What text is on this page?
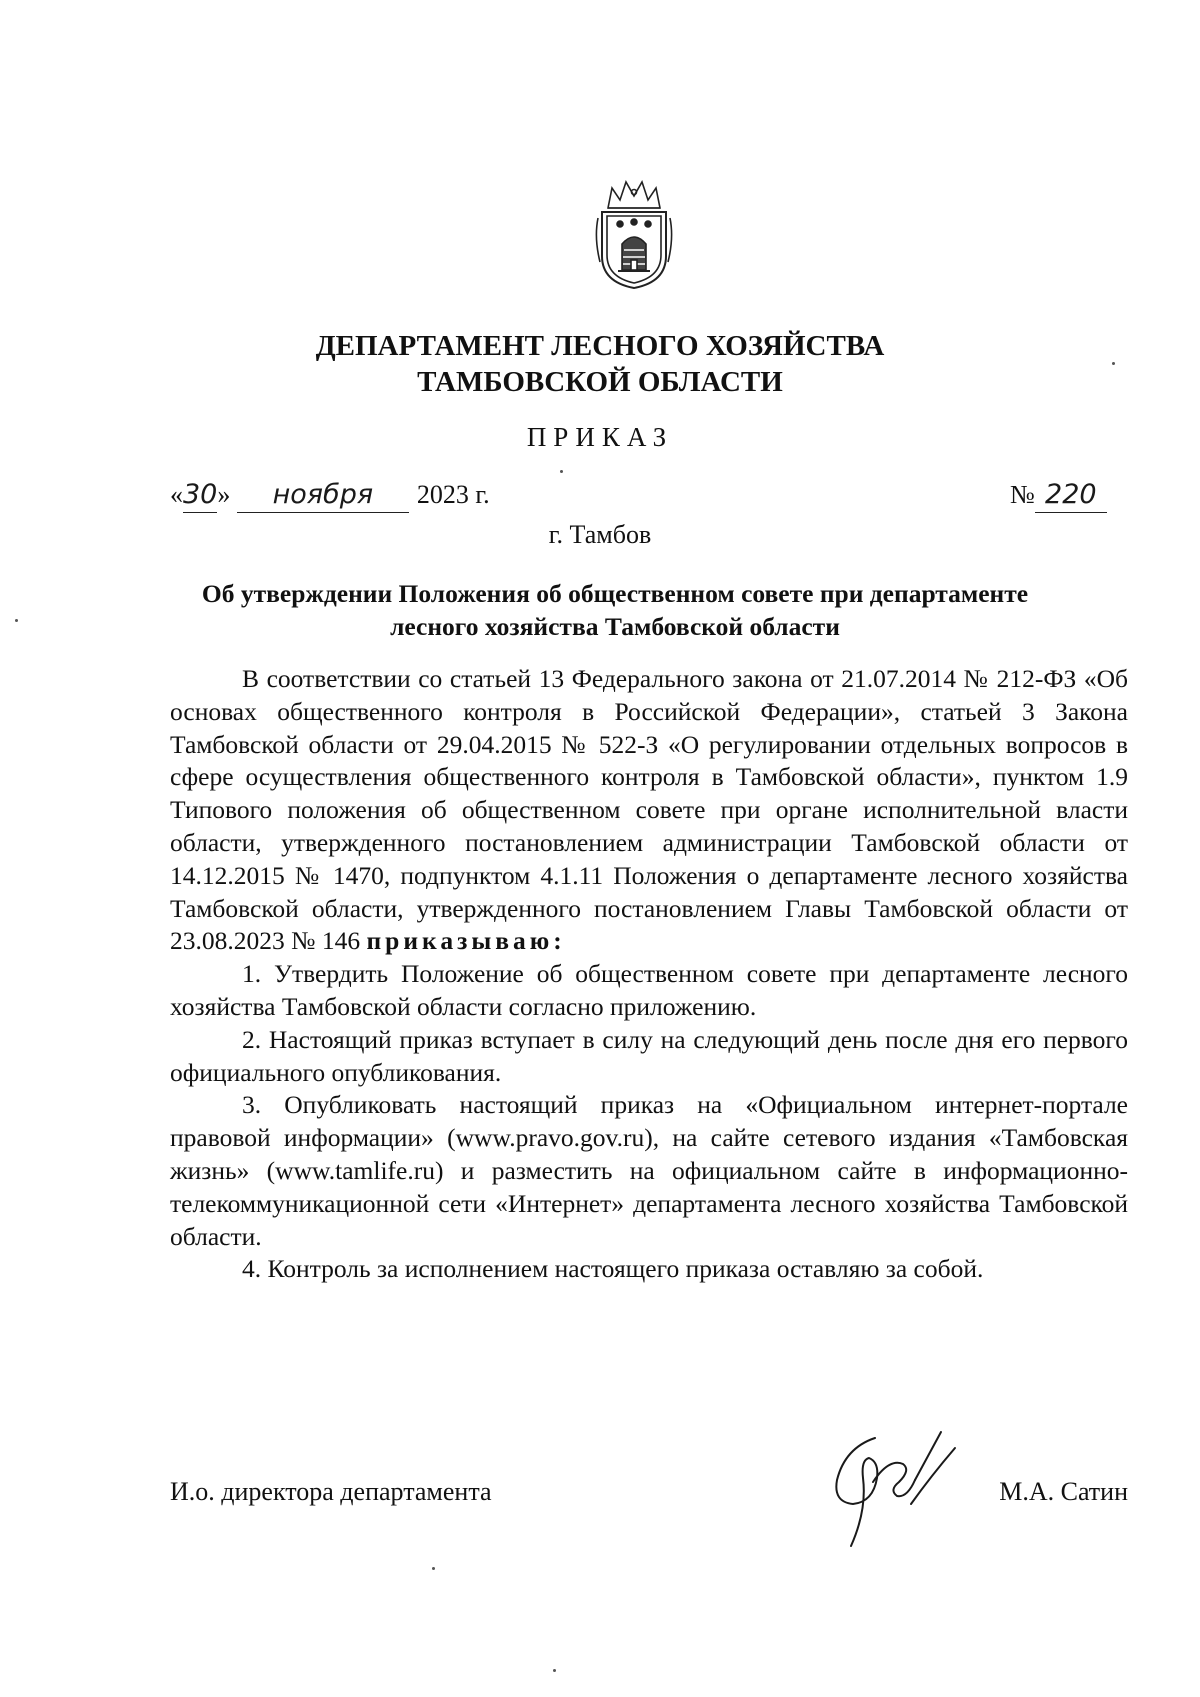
ДЕПАРТАМЕНТ ЛЕСНОГО ХОЗЯЙСТВА
ТАМБОВСКОЙ ОБЛАСТИ
ПРИКАЗ
«30» ноября 2023 г.	№ 220
г. Тамбов
Об утверждении Положения об общественном совете при департаменте
лесного хозяйства Тамбовской области

В соответствии со статьей 13 Федерального закона от 21.07.2014 № 212-ФЗ «Об основах общественного контроля в Российской Федерации», статьей 3 Закона Тамбовской области от 29.04.2015 № 522-З «О регулировании отдельных вопросов в сфере осуществления общественного контроля в Тамбовской области», пунктом 1.9 Типового положения об общественном совете при органе исполнительной власти области, утвержденного постановлением администрации Тамбовской области от 14.12.2015 № 1470, подпунктом 4.1.11 Положения о департаменте лесного хозяйства Тамбовской области, утвержденного постановлением Главы Тамбовской области от 23.08.2023 № 146 приказываю:

1. Утвердить Положение об общественном совете при департаменте лесного хозяйства Тамбовской области согласно приложению.

2. Настоящий приказ вступает в силу на следующий день после дня его первого официального опубликования.

3. Опубликовать настоящий приказ на «Официальном интернет-портале правовой информации» (www.pravo.gov.ru), на сайте сетевого издания «Тамбовская жизнь» (www.tamlife.ru) и разместить на официальном сайте в информационно-телекоммуникационной сети «Интернет» департамента лесного хозяйства Тамбовской области.

4. Контроль за исполнением настоящего приказа оставляю за собой.

И.о. директора департамента	М.А. Сатин
